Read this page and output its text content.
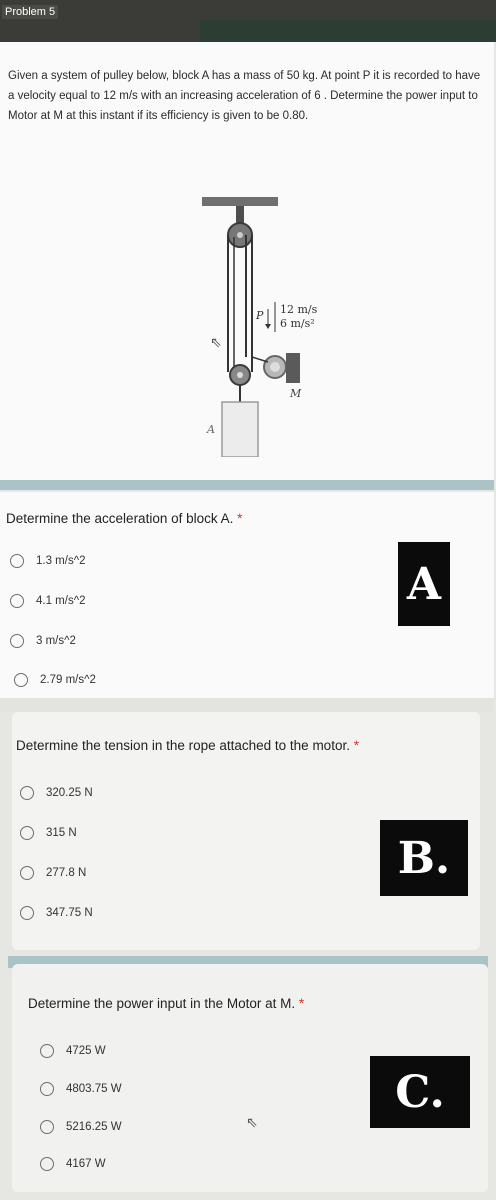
Problem 5
Given a system of pulley below, block A has a mass of 50 kg. At point P it is recorded to have a velocity equal to 12 m/s with an increasing acceleration of 6 . Determine the power input to Motor at M at this instant if its efficiency is given to be 0.80.
A
M
P 12 m/s
6 m/s²
⇖
Determine the acceleration of block A. *
1.3 m/s^2
4.1 m/s^2
3 m/s^2
2.79 m/s^2
A
Determine the tension in the rope attached to the motor. *
320.25 N
315 N
277.8 N
347.75 N
B.
Determine the power input in the Motor at M. *
4725 W
4803.75 W
5216.25 W
4167 W
C.
⇖
